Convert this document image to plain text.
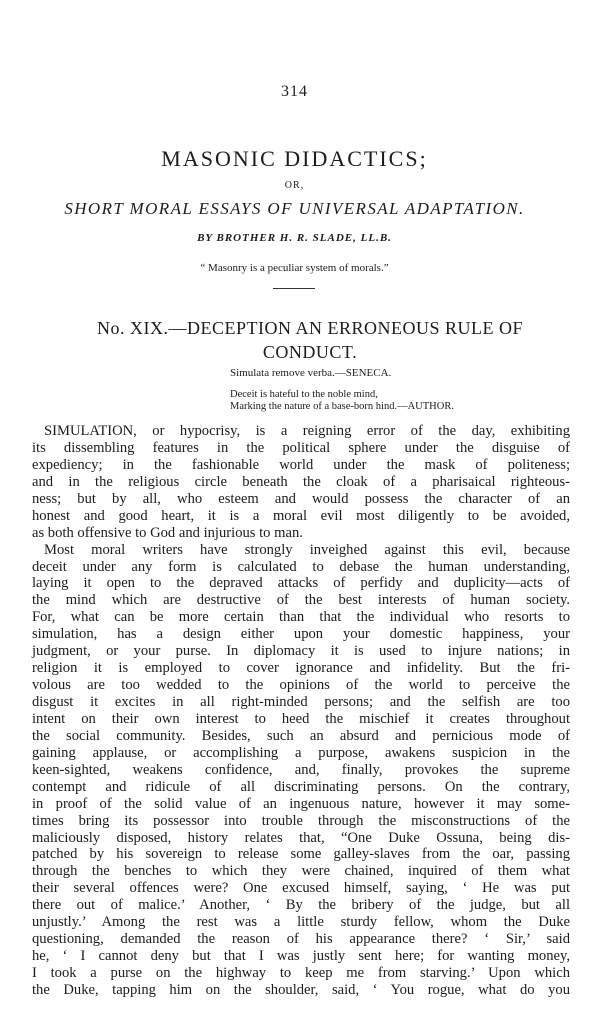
314
MASONIC DIDACTICS;
OR,
SHORT MORAL ESSAYS OF UNIVERSAL ADAPTATION.
BY BROTHER H. R. SLADE, LL.B.
“ Masonry is a peculiar system of morals.”
No. XIX.—DECEPTION AN ERRONEOUS RULE OF
CONDUCT.
Simulata remove verba.—SENECA.
Deceit is hateful to the noble mind,
Marking the nature of a base-born hind.—AUTHOR.
SIMULATION, or hypocrisy, is a reigning error of the day, exhibiting
its dissembling features in the political sphere under the disguise of
expediency; in the fashionable world under the mask of politeness;
and in the religious circle beneath the cloak of a pharisaical righteous-
ness; but by all, who esteem and would possess the character of an
honest and good heart, it is a moral evil most diligently to be avoided,
as both offensive to God and injurious to man.
Most moral writers have strongly inveighed against this evil, because
deceit under any form is calculated to debase the human understanding,
laying it open to the depraved attacks of perfidy and duplicity—acts of
the mind which are destructive of the best interests of human society.
For, what can be more certain than that the individual who resorts to
simulation, has a design either upon your domestic happiness, your
judgment, or your purse. In diplomacy it is used to injure nations; in
religion it is employed to cover ignorance and infidelity. But the fri-
volous are too wedded to the opinions of the world to perceive the
disgust it excites in all right-minded persons; and the selfish are too
intent on their own interest to heed the mischief it creates throughout
the social community. Besides, such an absurd and pernicious mode of
gaining applause, or accomplishing a purpose, awakens suspicion in the
keen-sighted, weakens confidence, and, finally, provokes the supreme
contempt and ridicule of all discriminating persons. On the contrary,
in proof of the solid value of an ingenuous nature, however it may some-
times bring its possessor into trouble through the misconstructions of the
maliciously disposed, history relates that, “One Duke Ossuna, being dis-
patched by his sovereign to release some galley-slaves from the oar, passing
through the benches to which they were chained, inquired of them what
their several offences were? One excused himself, saying, ‘ He was put
there out of malice.’ Another, ‘ By the bribery of the judge, but all
unjustly.’ Among the rest was a little sturdy fellow, whom the Duke
questioning, demanded the reason of his appearance there? ‘ Sir,’ said
he, ‘ I cannot deny but that I was justly sent here; for wanting money,
I took a purse on the highway to keep me from starving.’ Upon which
the Duke, tapping him on the shoulder, said, ‘ You rogue, what do you
